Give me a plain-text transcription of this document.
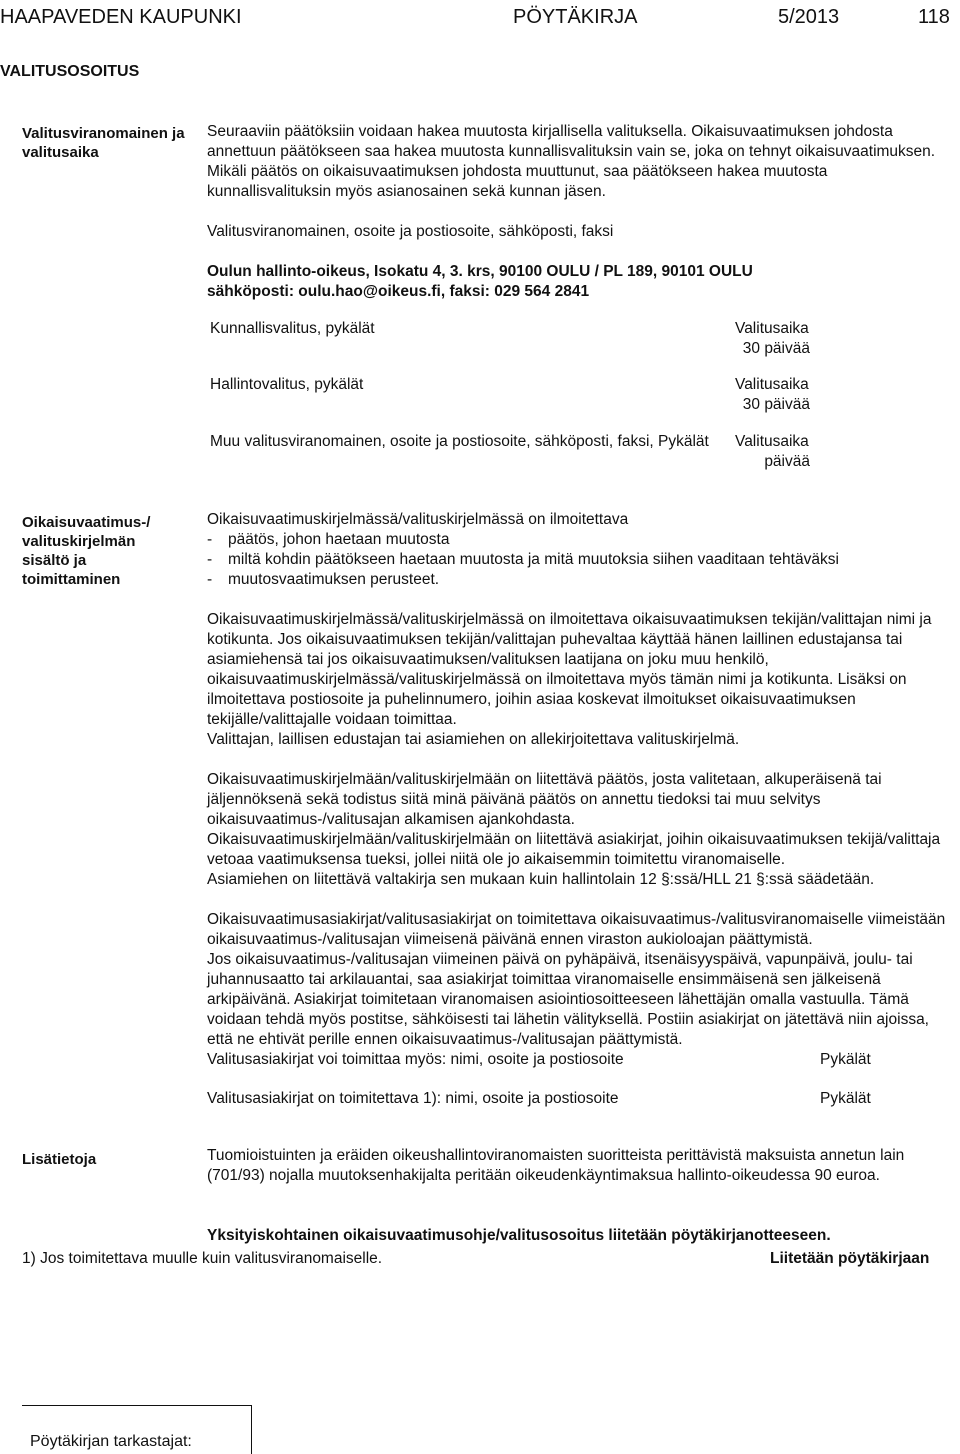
HAAPAVEDEN KAUPUNKI	PÖYTÄKIRJA	5/2013	118
VALITUSOSOITUS
Valitusviranomainen ja valitusaika

Seuraaviin päätöksiin voidaan hakea muutosta kirjallisella valituksella. Oikaisuvaatimuksen johdosta annettuun päätökseen saa hakea muutosta kunnallisvalituksin vain se, joka on tehnyt oikaisuvaatimuksen. Mikäli päätös on oikaisuvaatimuksen johdosta muuttunut, saa päätökseen hakea muutosta kunnallisvalituksin myös asianosainen sekä kunnan jäsen.

Valitusviranomainen, osoite ja postiosoite, sähköposti, faksi

Oulun hallinto-oikeus, Isokatu 4, 3. krs, 90100 OULU / PL 189, 90101 OULU

sähköposti: oulu.hao@oikeus.fi, faksi: 029 564 2841

Kunnallisvalitus, pykälät	Valitusaika
30 päivää
Hallintovalitus, pykälät	Valitusaika
30 päivää
Muu valitusviranomainen, osoite ja postiosoite, sähköposti, faksi, Pykälät	Valitusaika
päivää
Oikaisuvaatimus-/ valituskirjelmän sisältö ja toimittaminen

Oikaisuvaatimuskirjelmässä/valituskirjelmässä on ilmoitettava

- päätös, johon haetaan muutosta
- miltä kohdin päätökseen haetaan muutosta ja mitä muutoksia siihen vaaditaan tehtäväksi
- muutosvaatimuksen perusteet.

Oikaisuvaatimuskirjelmässä/valituskirjelmässä on ilmoitettava oikaisuvaatimuksen tekijän/valittajan nimi ja kotikunta. Jos oikaisuvaatimuksen tekijän/valittajan puhevaltaa käyttää hänen laillinen edustajansa tai asiamiehensä tai jos oikaisuvaatimuksen/valituksen laatijana on joku muu henkilö, oikaisuvaatimuskirjelmässä/valituskirjelmässä on ilmoitettava myös tämän nimi ja kotikunta. Lisäksi on ilmoitettava postiosoite ja puhelinnumero, joihin asiaa koskevat ilmoitukset oikaisuvaatimuksen tekijälle/valittajalle voidaan toimittaa.

Valittajan, laillisen edustajan tai asiamiehen on allekirjoitettava valituskirjelmä.

Oikaisuvaatimuskirjelmään/valituskirjelmään on liitettävä päätös, josta valitetaan, alkuperäisenä tai jäljennöksenä sekä todistus siitä minä päivänä päätös on annettu tiedoksi tai muu selvitys oikaisuvaatimus-/valitusajan alkamisen ajankohdasta.

Oikaisuvaatimuskirjelmään/valituskirjelmään on liitettävä asiakirjat, joihin oikaisuvaatimuksen tekijä/valittaja vetoaa vaatimuksensa tueksi, jollei niitä ole jo aikaisemmin toimitettu viranomaiselle.

Asiamiehen on liitettävä valtakirja sen mukaan kuin hallintolain 12 §:ssä/HLL 21 §:ssä säädetään.

Oikaisuvaatimusasiakirjat/valitusasiakirjat on toimitettava oikaisuvaatimus-/valitusviranomaiselle viimeistään oikaisuvaatimus-/valitusajan viimeisenä päivänä ennen viraston aukioloajan päättymistä.

Jos oikaisuvaatimus-/valitusajan viimeinen päivä on pyhäpäivä, itsenäisyyspäivä, vapunpäivä, joulu- tai juhannusaatto tai arkilauantai, saa asiakirjat toimittaa viranomaiselle ensimmäisenä sen jälkeisenä arkipäivänä. Asiakirjat toimitetaan viranomaisen asiointiosoitteeseen lähettäjän omalla vastuulla. Tämä voidaan tehdä myös postitse, sähköisesti tai lähetin välityksellä. Postiin asiakirjat on jätettävä niin ajoissa, että ne ehtivät perille ennen oikaisuvaatimus-/valitusajan päättymistä.

Valitusasiakirjat voi toimittaa myös: nimi, osoite ja postiosoite	Pykälät
Valitusasiakirjat on toimitettava 1): nimi, osoite ja postiosoite	Pykälät
Lisätietoja	Tuomioistuinten ja eräiden oikeushallintoviranomaisten suoritteista perittävistä maksuista annetun lain (701/93) nojalla muutoksenhakijalta peritään oikeudenkäyntimaksua hallinto-oikeudessa 90 euroa.
Yksityiskohtainen oikaisuvaatimusohje/valitusosoitus liitetään pöytäkirjanotteeseen.
1) Jos toimitettava muulle kuin valitusviranomaiselle.	Liitetään pöytäkirjaan
Pöytäkirjan tarkastajat:
